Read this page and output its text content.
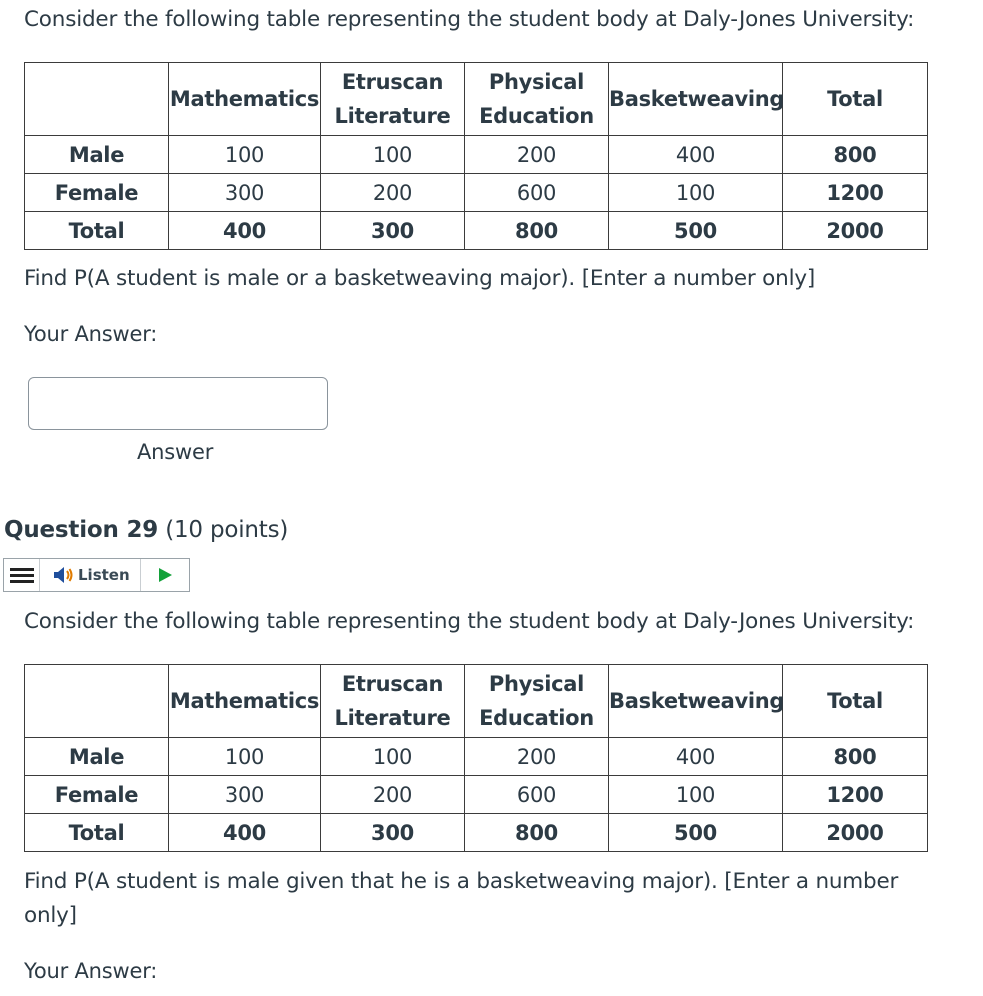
Consider the following table representing the student body at Daly-Jones University:
	Mathematics	Etruscan Literature	Physical Education	Basketweaving	Total
Male	100	100	200	400	800
Female	300	200	600	100	1200
Total	400	300	800	500	2000
Find P(A student is male or a basketweaving major). [Enter a number only]
Your Answer:
Answer
Question 29 (10 points)
Listen
Consider the following table representing the student body at Daly-Jones University:
	Mathematics	Etruscan Literature	Physical Education	Basketweaving	Total
Male	100	100	200	400	800
Female	300	200	600	100	1200
Total	400	300	800	500	2000
Find P(A student is male given that he is a basketweaving major). [Enter a number only]
Your Answer:
